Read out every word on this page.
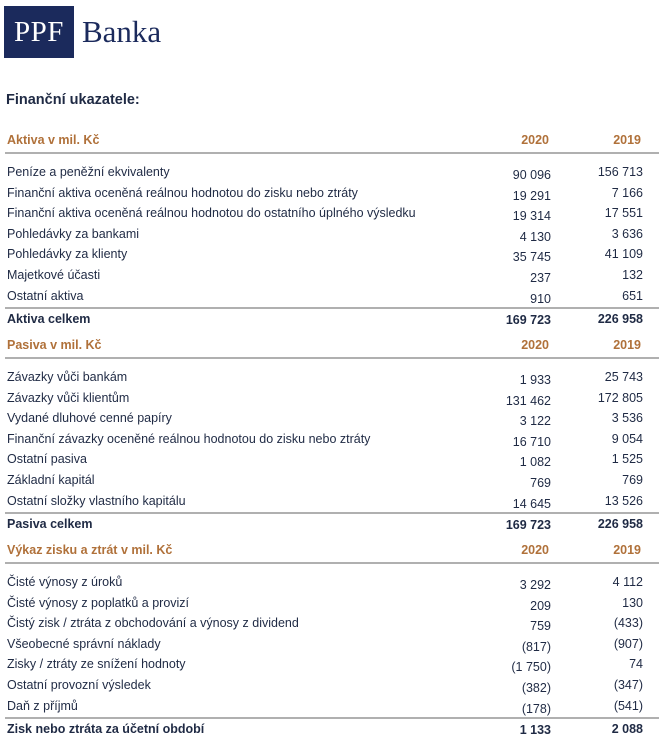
PPF Banka
Finanční ukazatele:
Aktiva v mil. Kč	2020	2019
Peníze a peněžní ekvivalenty	90 096	156 713
Finanční aktiva oceněná reálnou hodnotou do zisku nebo ztráty	19 291	7 166
Finanční aktiva oceněná reálnou hodnotou do ostatního úplného výsledku	19 314	17 551
Pohledávky za bankami	4 130	3 636
Pohledávky za klienty	35 745	41 109
Majetkové účasti	237	132
Ostatní aktiva	910	651
Aktiva celkem	169 723	226 958
Pasiva v mil. Kč	2020	2019
Závazky vůči bankám	1 933	25 743
Závazky vůči klientům	131 462	172 805
Vydané dluhové cenné papíry	3 122	3 536
Finanční závazky oceněné reálnou hodnotou do zisku nebo ztráty	16 710	9 054
Ostatní pasiva	1 082	1 525
Základní kapitál	769	769
Ostatní složky vlastního kapitálu	14 645	13 526
Pasiva celkem	169 723	226 958
Výkaz zisku a ztrát v mil. Kč	2020	2019
Čisté výnosy z úroků	3 292	4 112
Čisté výnosy z poplatků a provizí	209	130
Čistý zisk / ztráta z obchodování a výnosy z dividend	759	(433)
Všeobecné správní náklady	(817)	(907)
Zisky / ztráty ze snížení hodnoty	(1 750)	74
Ostatní provozní výsledek	(382)	(347)
Daň z příjmů	(178)	(541)
Zisk nebo ztráta za účetní období	1 133	2 088
